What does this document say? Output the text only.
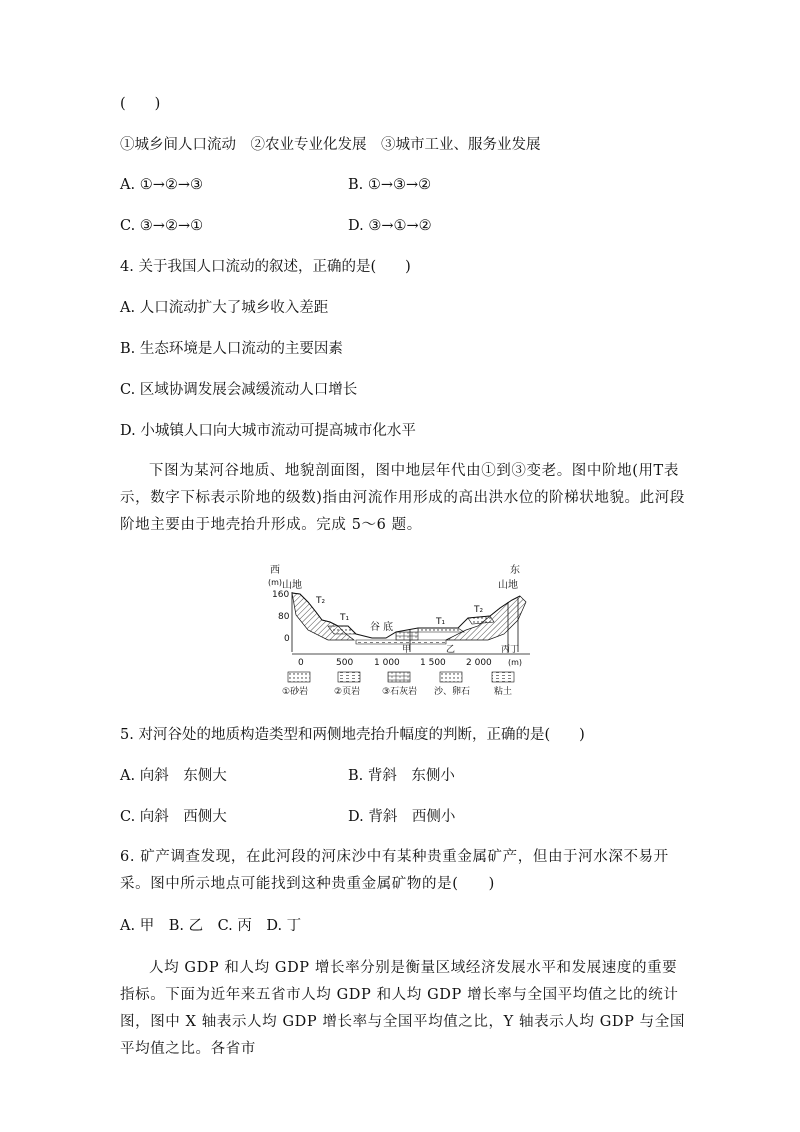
(　　)
①城乡间人口流动　②农业专业化发展　③城市工业、服务业发展
A. ①→②→③	B. ①→③→②
C. ③→②→①	D. ③→①→②
4. 关于我国人口流动的叙述，正确的是(　　)
A. 人口流动扩大了城乡收入差距
B. 生态环境是人口流动的主要因素
C. 区域协调发展会减缓流动人口增长
D. 小城镇人口向大城市流动可提高城市化水平
下图为某河谷地质、地貌剖面图，图中地层年代由①到③变老。图中阶地(用T表示，数字下标表示阶地的级数)指由河流作用形成的高出洪水位的阶梯状地貌。此河段阶地主要由于地壳抬升形成。完成 5～6 题。
西	东
(m) 山地	山地
160
80
0
T₂
T₁	T₁
T₂
谷 底
甲	乙	丙丁
0	500 1 000 1 500 2 000 (m)
①砂岩	②页岩 ③石灰岩 沙、卵石	粘土
5. 对河谷处的地质构造类型和两侧地壳抬升幅度的判断，正确的是(　　)
A. 向斜　东侧大	B. 背斜　东侧小
C. 向斜　西侧大	D. 背斜　西侧小
6. 矿产调查发现，在此河段的河床沙中有某种贵重金属矿产，但由于河水深不易开采。图中所示地点可能找到这种贵重金属矿物的是(　　)
A. 甲　B. 乙　C. 丙　D. 丁
人均 GDP 和人均 GDP 增长率分别是衡量区域经济发展水平和发展速度的重要指标。下面为近年来五省市人均 GDP 和人均 GDP 增长率与全国平均值之比的统计图，图中 X 轴表示人均 GDP 增长率与全国平均值之比，Y 轴表示人均 GDP 与全国平均值之比。各省市
